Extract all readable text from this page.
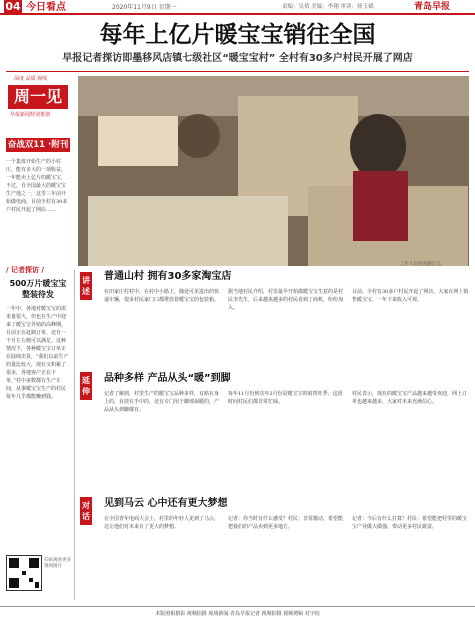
04 今日看点	2020年11月9日 星期一	责编：吴倩 美编：李翔 审读：徐玉斌	青岛早报
每年上亿片暖宝宝销往全国
早报记者探访即墨移风店镇七级社区“暖宝宝村” 全村有30多户村民开展了网店
深度 品质 视线
周一见
早报新闻特别策划
奋战双11 ·附刊
一个集体开始生产的小村庄，能有多大的一项收益，一年能卖上亿片的暖宝宝，不过，自全国最大的暖宝宝生产地之一，这里三年前开始做电商，目前全村有30多户村民开起了网店……
工作人员检查暖宝宝。
/ 记者探访 /
500万片暖宝宝 整装待发
一年中，各地对暖宝宝的需求量很大，但也在生产中迎来了暖宝宝外销的高峰期。目前正在赶制订单，还有一个月左右便可以满足。这种情况下，各种暖宝宝订单正在陆续出货，“我们以前生产的量比较大，现在又积累了很多，各地客户正在下单。”村中多数都有生产车间，从事暖宝宝生产的村民每年几乎都能赚到钱。
扫码观看更多现场图片
讲述
普通山村 拥有30多家淘宝店
在田家庄村村中，在村中小路上，随处可见进出的快递车辆，很多村民家门口都堆放着暖宝宝的包装箱。
据当地村民介绍，村里最早开始做暖宝宝生意的是村民李先生，后来越来越多的村民看到了商机，纷纷加入。
目前，全村有30多户村民开起了网店，大家在网上销售暖宝宝，一年下来收入可观。
延伸
品种多样 产品从头“暖”到脚
记者了解到，村里生产的暖宝宝品种多样，有贴在身上的，有放在手中的，还有专门用于脚部保暖的，产品从头到脚都有。
每年11月份到次年2月份是暖宝宝的销售旺季，这段时间村民们都非常忙碌。
村民表示，现在的暖宝宝产品越来越受欢迎，网上订单也越来越多，大家对未来充满信心。
对话
见到马云 心中还有更大梦想
在全国青年电商大会上，村里的年轻人见到了马云，这让他们对未来有了更大的梦想。
记者：你当时有什么感受？村民：非常激动，希望能把我们的产品卖到更多地方。
记者：今后有什么打算？村民：希望能把村里的暖宝宝产业做大做强，带动更多村民致富。
本版照相摄影 视频拍摄 现场新闻·青岛早报记者 视频拍摄 视频剪辑 对字校
